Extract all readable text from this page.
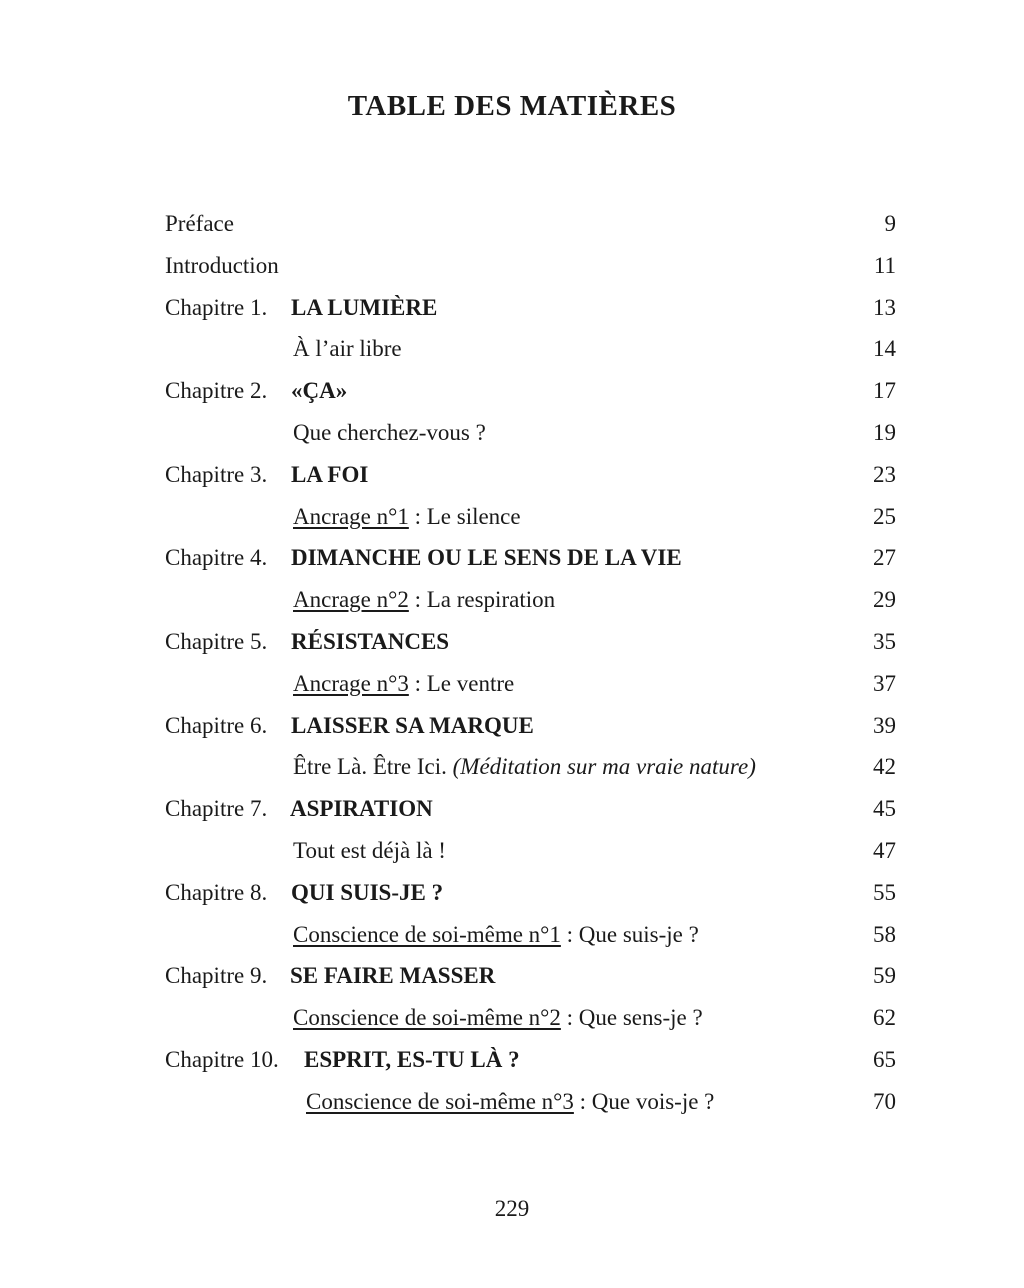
TABLE DES MATIÈRES
Préface .....	9
Introduction .....	11
Chapitre 1. LA LUMIÈRE .....	13
À l’air libre .....	14
Chapitre 2. «ÇA» .....	17
Que cherchez-vous ? .....	19
Chapitre 3. LA FOI .....	23
Ancrage n°1 : Le silence .....	25
Chapitre 4. DIMANCHE OU LE SENS DE LA VIE .....	27
Ancrage n°2 : La respiration .....	29
Chapitre 5. RÉSISTANCES .....	35
Ancrage n°3 : Le ventre .....	37
Chapitre 6. LAISSER SA MARQUE .....	39
Être Là. Être Ici. (Méditation sur ma vraie nature)	42
Chapitre 7. ASPIRATION .....	45
Tout est déjà là ! .....	47
Chapitre 8. QUI SUIS-JE ? .....	55
Conscience de soi-même n°1 : Que suis-je ? .....	58
Chapitre 9. SE FAIRE MASSER .....	59
Conscience de soi-même n°2 : Que sens-je ? .....	62
Chapitre 10. ESPRIT, ES-TU LÀ ? .....	65
Conscience de soi-même n°3 : Que vois-je ? .....	70
229
